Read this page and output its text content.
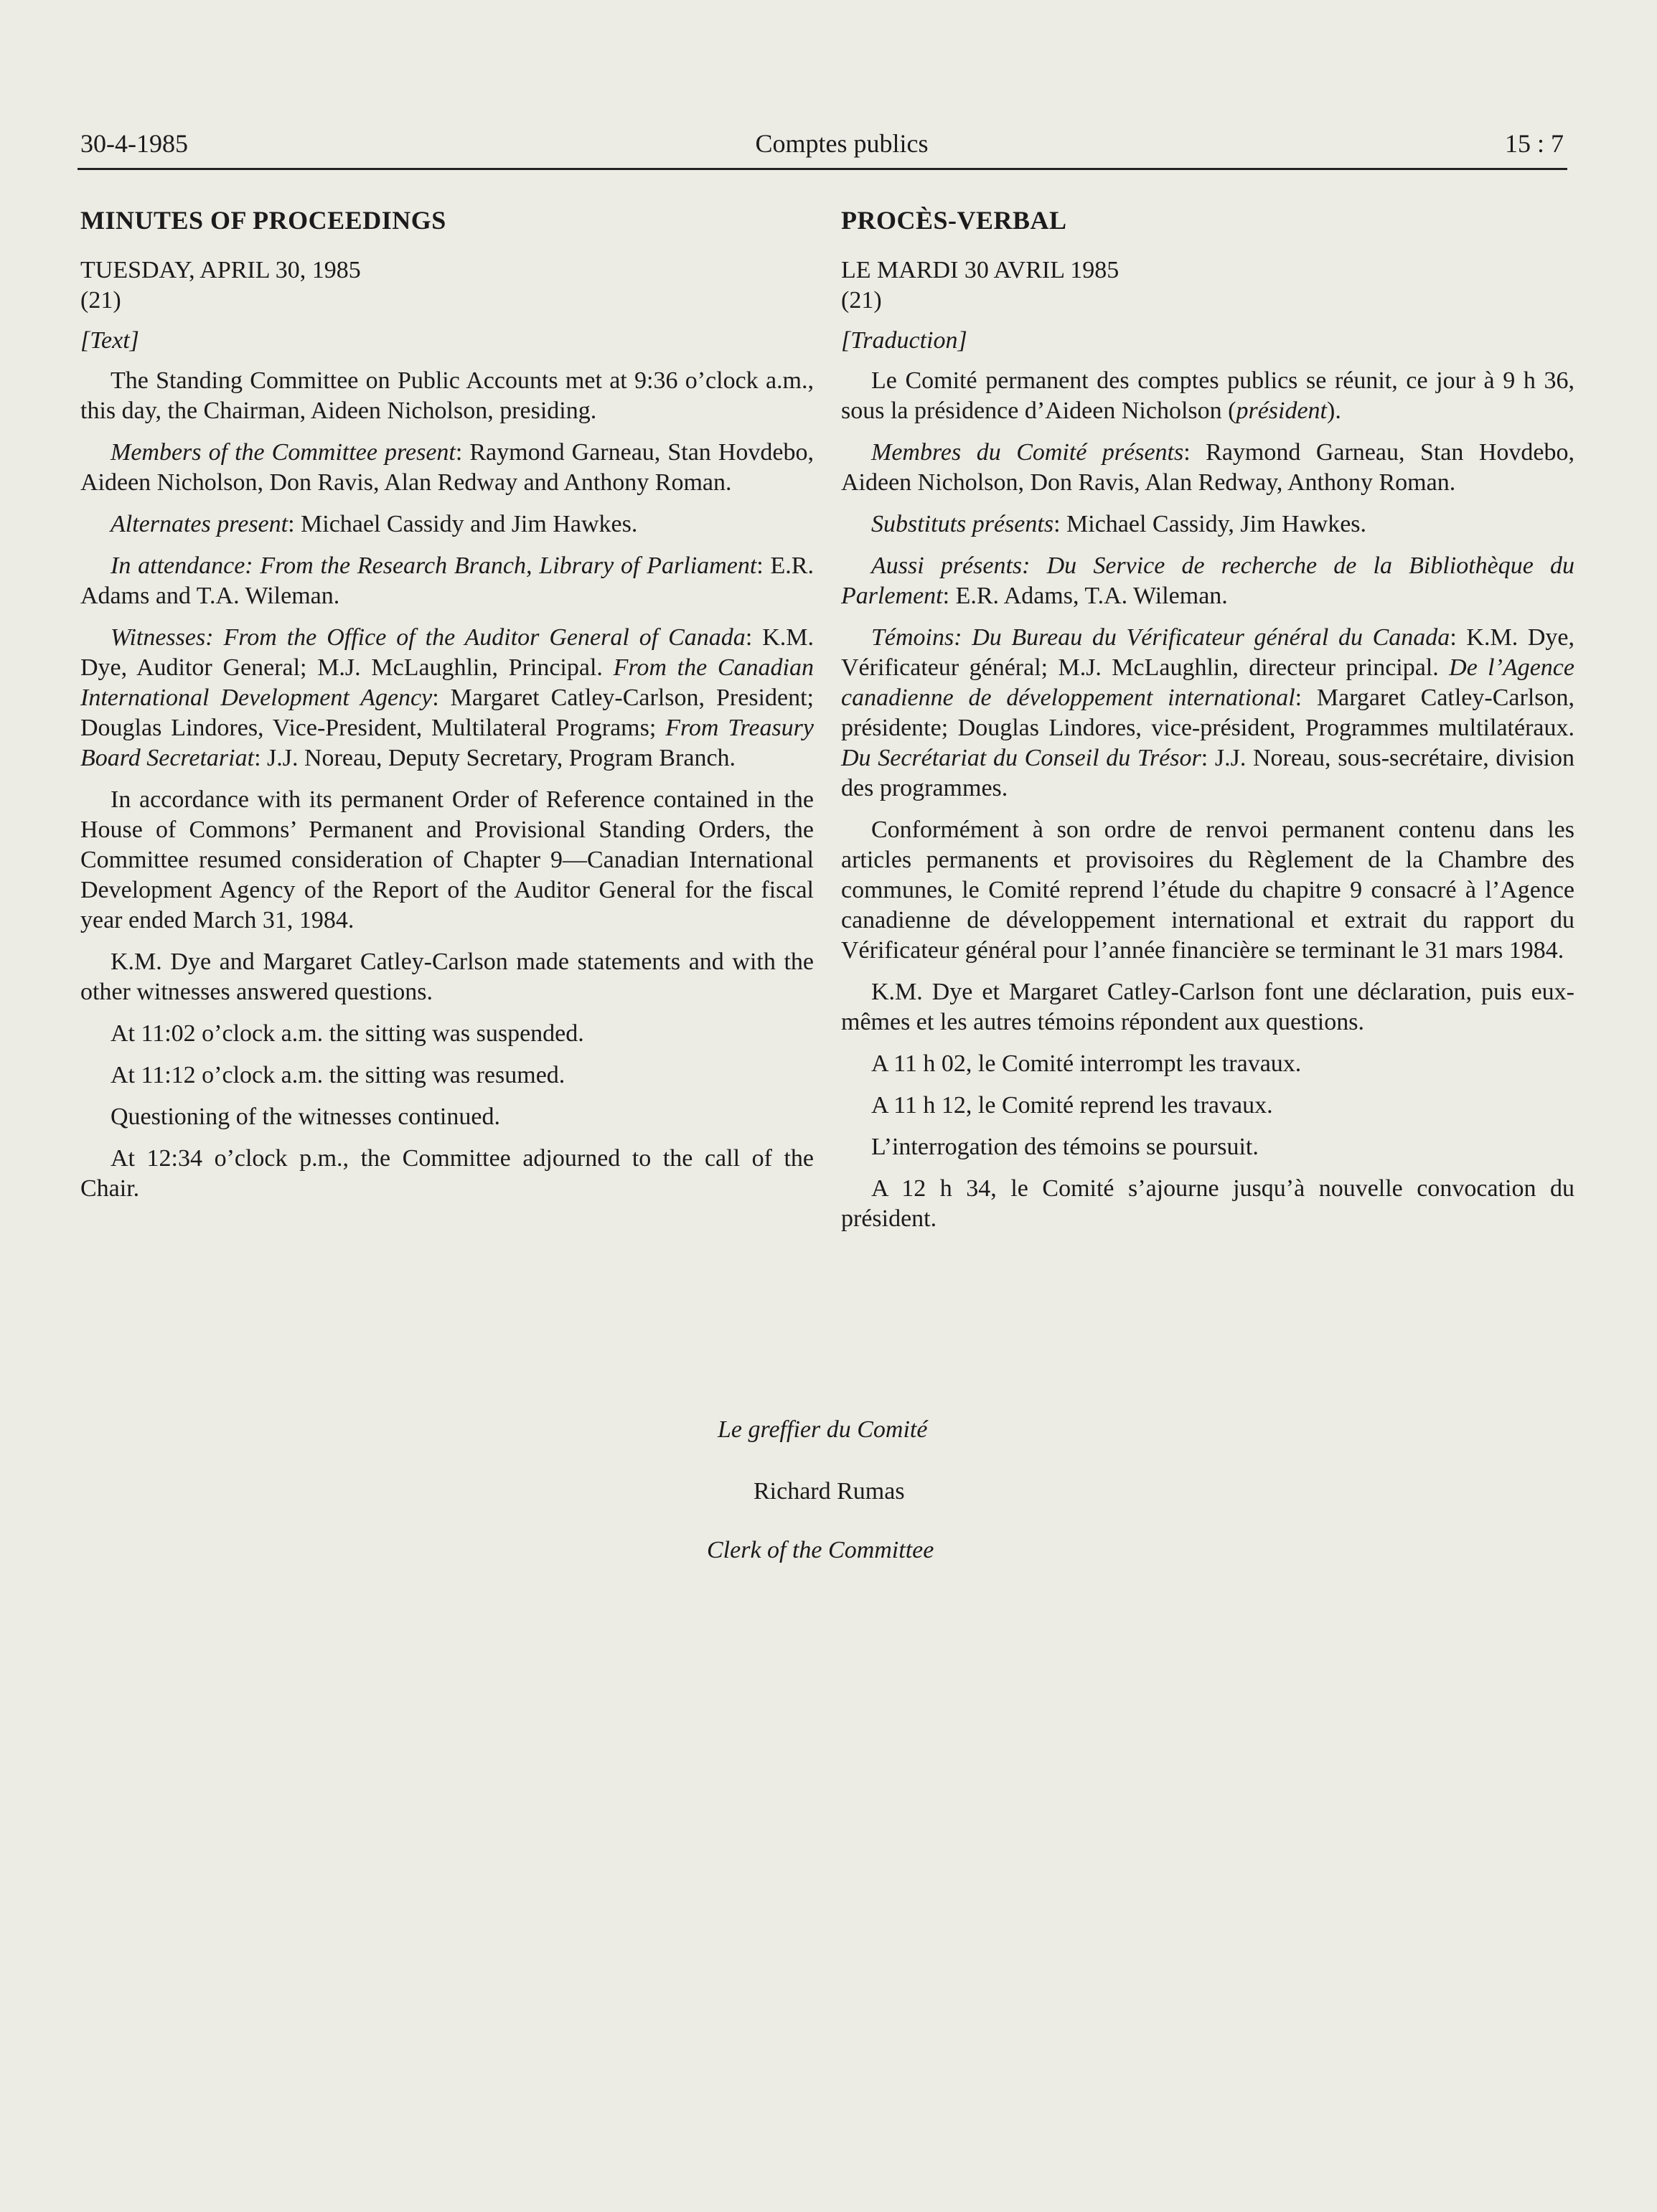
30-4-1985	Comptes publics	15 : 7
MINUTES OF PROCEEDINGS
TUESDAY, APRIL 30, 1985
(21)
[Text]

The Standing Committee on Public Accounts met at 9:36 o’clock a.m., this day, the Chairman, Aideen Nicholson, presiding.

Members of the Committee present: Raymond Garneau, Stan Hovdebo, Aideen Nicholson, Don Ravis, Alan Redway and Anthony Roman.

Alternates present: Michael Cassidy and Jim Hawkes.

In attendance: From the Research Branch, Library of Parliament: E.R. Adams and T.A. Wileman.

Witnesses: From the Office of the Auditor General of Canada: K.M. Dye, Auditor General; M.J. McLaughlin, Principal. From the Canadian International Development Agency: Margaret Catley-Carlson, President; Douglas Lindores, Vice-President, Multilateral Programs; From Treasury Board Secretariat: J.J. Noreau, Deputy Secretary, Program Branch.

In accordance with its permanent Order of Reference contained in the House of Commons’ Permanent and Provisional Standing Orders, the Committee resumed consideration of Chapter 9—Canadian International Development Agency of the Report of the Auditor General for the fiscal year ended March 31, 1984.

K.M. Dye and Margaret Catley-Carlson made statements and with the other witnesses answered questions.

At 11:02 o’clock a.m. the sitting was suspended.

At 11:12 o’clock a.m. the sitting was resumed.

Questioning of the witnesses continued.

At 12:34 o’clock p.m., the Committee adjourned to the call of the Chair.

PROCÈS-VERBAL
LE MARDI 30 AVRIL 1985
(21)
[Traduction]

Le Comité permanent des comptes publics se réunit, ce jour à 9 h 36, sous la présidence d’Aideen Nicholson (président).

Membres du Comité présents: Raymond Garneau, Stan Hovdebo, Aideen Nicholson, Don Ravis, Alan Redway, Anthony Roman.

Substituts présents: Michael Cassidy, Jim Hawkes.

Aussi présents: Du Service de recherche de la Bibliothèque du Parlement: E.R. Adams, T.A. Wileman.

Témoins: Du Bureau du Vérificateur général du Canada: K.M. Dye, Vérificateur général; M.J. McLaughlin, directeur principal. De l’Agence canadienne de développement international: Margaret Catley-Carlson, présidente; Douglas Lindores, vice-président, Programmes multilatéraux. Du Secrétariat du Conseil du Trésor: J.J. Noreau, sous-secrétaire, division des programmes.

Conformément à son ordre de renvoi permanent contenu dans les articles permanents et provisoires du Règlement de la Chambre des communes, le Comité reprend l’étude du chapitre 9 consacré à l’Agence canadienne de développement international et extrait du rapport du Vérificateur général pour l’année financière se terminant le 31 mars 1984.

K.M. Dye et Margaret Catley-Carlson font une déclaration, puis eux-mêmes et les autres témoins répondent aux questions.

A 11 h 02, le Comité interrompt les travaux.

A 11 h 12, le Comité reprend les travaux.

L’interrogation des témoins se poursuit.

A 12 h 34, le Comité s’ajourne jusqu’à nouvelle convocation du président.

Le greffier du Comité
Richard Rumas
Clerk of the Committee
